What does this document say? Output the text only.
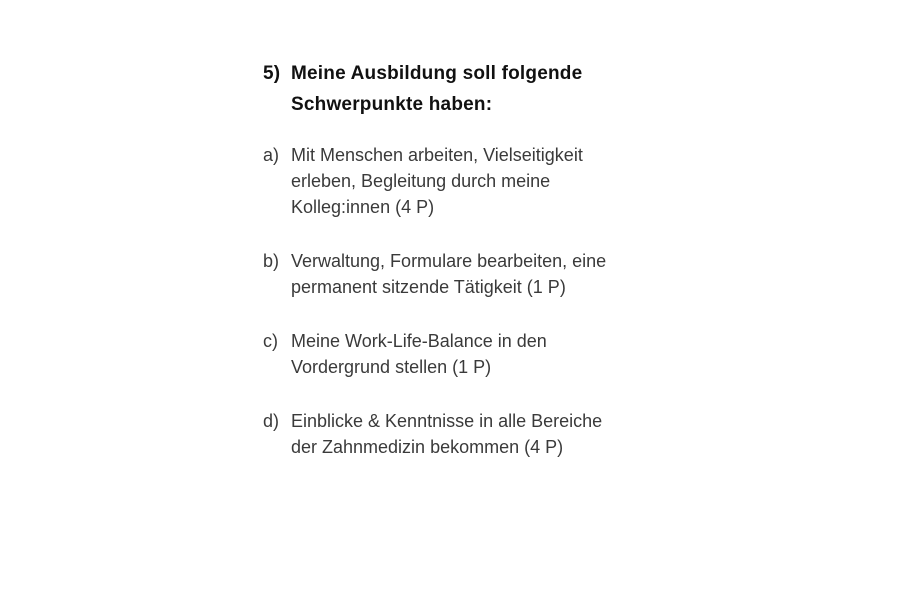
5) Meine Ausbildung soll folgende
Schwerpunkte haben:
a) Mit Menschen arbeiten, Vielseitigkeit
erleben, Begleitung durch meine
Kolleg:innen (4 P)
b) Verwaltung, Formulare bearbeiten, eine
permanent sitzende Tätigkeit (1 P)
c) Meine Work-Life-Balance in den
Vordergrund stellen (1 P)
d) Einblicke & Kenntnisse in alle Bereiche
der Zahnmedizin bekommen (4 P)
